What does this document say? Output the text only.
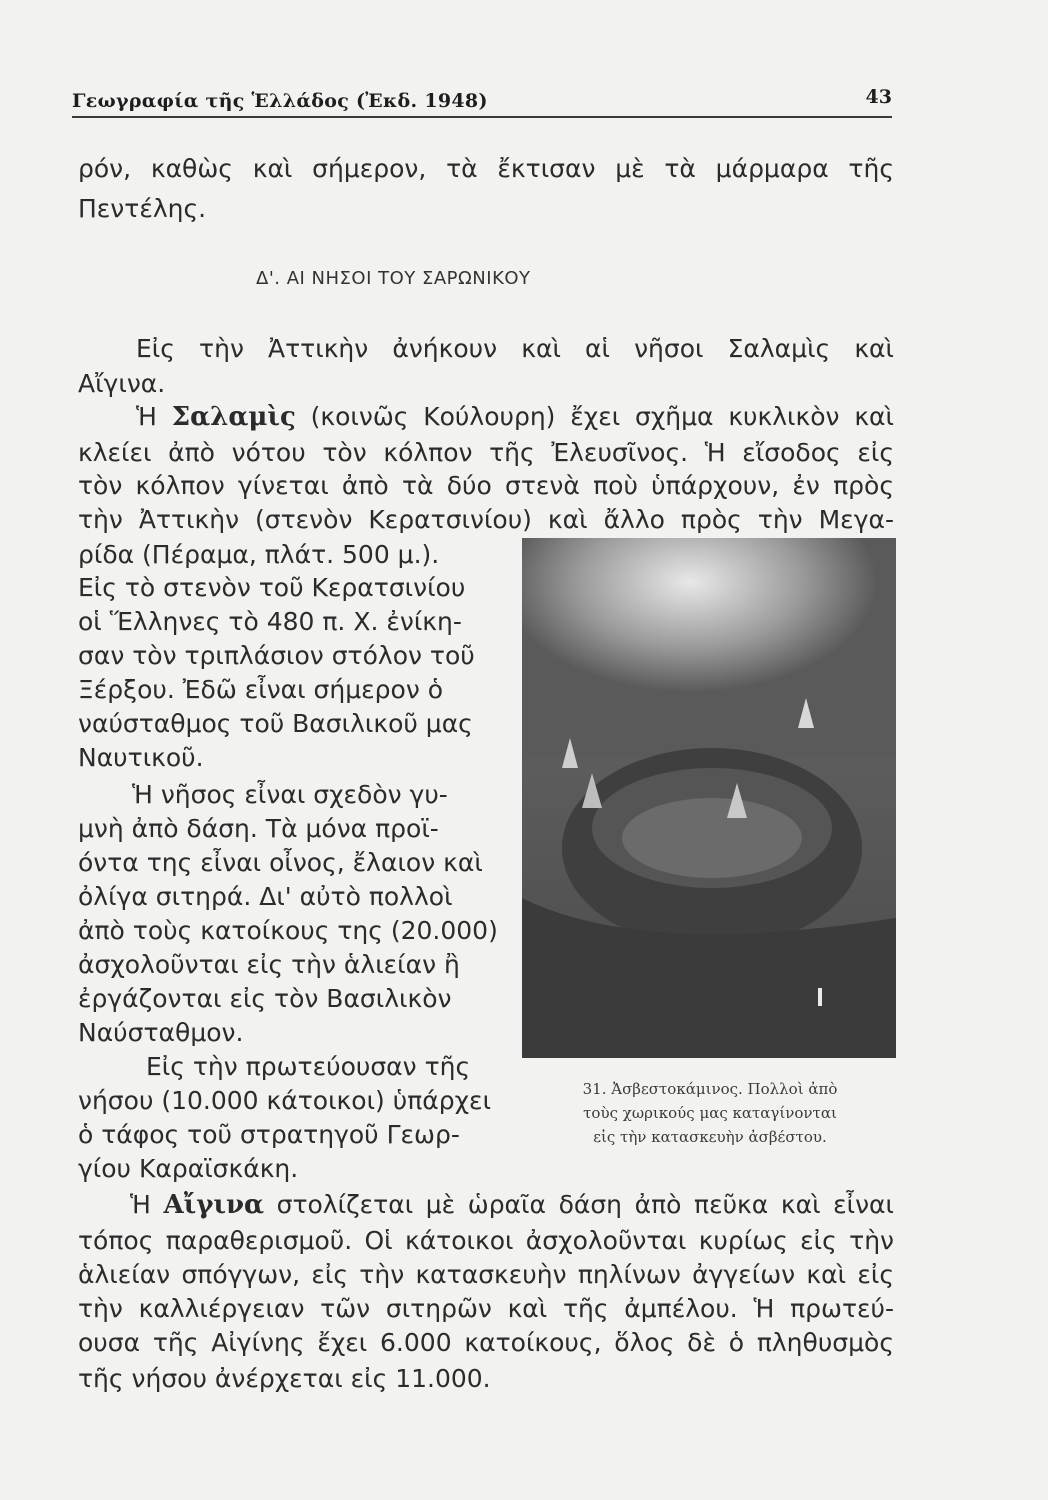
Γεωγραφία τῆς Ἑλλάδος (Ἐκδ. 1948)	43
ρόν, καθὼς καὶ σήμερον, τὰ ἔκτισαν μὲ τὰ μάρμαρα τῆς
Πεντέλης.
Δ'. ΑΙ ΝΗΣΟΙ ΤΟΥ ΣΑΡΩΝΙΚΟΥ
Εἰς τὴν Ἀττικὴν ἀνήκουν καὶ αἱ νῆσοι Σαλαμὶς καὶ
Αἴγινα.
Ἡ Σαλαμὶς (κοινῶς Κούλουρη) ἔχει σχῆμα κυκλικὸν καὶ
κλείει ἀπὸ νότου τὸν κόλπον τῆς Ἐλευσῖνος. Ἡ εἴσοδος εἰς
τὸν κόλπον γίνεται ἀπὸ τὰ δύο στενὰ ποὺ ὑπάρχουν, ἐν πρὸς
τὴν Ἀττικὴν (στενὸν Κερατσινίου) καὶ ἄλλο πρὸς τὴν Μεγα-
ρίδα (Πέραμα, πλάτ. 500 μ.).
Εἰς τὸ στενὸν τοῦ Κερατσινίου
οἱ Ἕλληνες τὸ 480 π. Χ. ἐνίκη-
σαν τὸν τριπλάσιον στόλον τοῦ
Ξέρξου. Ἐδῶ εἶναι σήμερον ὁ
ναύσταθμος τοῦ Βασιλικοῦ μας
Ναυτικοῦ.
Ἡ νῆσος εἶναι σχεδὸν γυ-
μνὴ ἀπὸ δάση. Τὰ μόνα προϊ-
όντα της εἶναι οἶνος, ἔλαιον καὶ
ὀλίγα σιτηρά. Δι' αὐτὸ πολλοὶ
ἀπὸ τοὺς κατοίκους της (20.000)
ἀσχολοῦνται εἰς τὴν ἁλιείαν ἢ
ἐργάζονται εἰς τὸν Βασιλικὸν
Ναύσταθμον.
Εἰς τὴν πρωτεύουσαν τῆς
νήσου (10.000 κάτοικοι) ὑπάρχει
ὁ τάφος τοῦ στρατηγοῦ Γεωρ-
γίου Καραϊσκάκη.
Ἡ Αἴγινα στολίζεται μὲ ὡραῖα δάση ἀπὸ πεῦκα καὶ εἶναι
τόπος παραθερισμοῦ. Οἱ κάτοικοι ἀσχολοῦνται κυρίως εἰς τὴν
ἁλιείαν σπόγγων, εἰς τὴν κατασκευὴν πηλίνων ἀγγείων καὶ εἰς
τὴν καλλιέργειαν τῶν σιτηρῶν καὶ τῆς ἀμπέλου. Ἡ πρωτεύ-
ουσα τῆς Αἰγίνης ἔχει 6.000 κατοίκους, ὅλος δὲ ὁ πληθυσμὸς
τῆς νήσου ἀνέρχεται εἰς 11.000.
31. Ἀσβεστοκάμινος. Πολλοὶ ἀπὸ
τοὺς χωρικούς μας καταγίνονται
εἰς τὴν κατασκευὴν ἀσβέστου.
